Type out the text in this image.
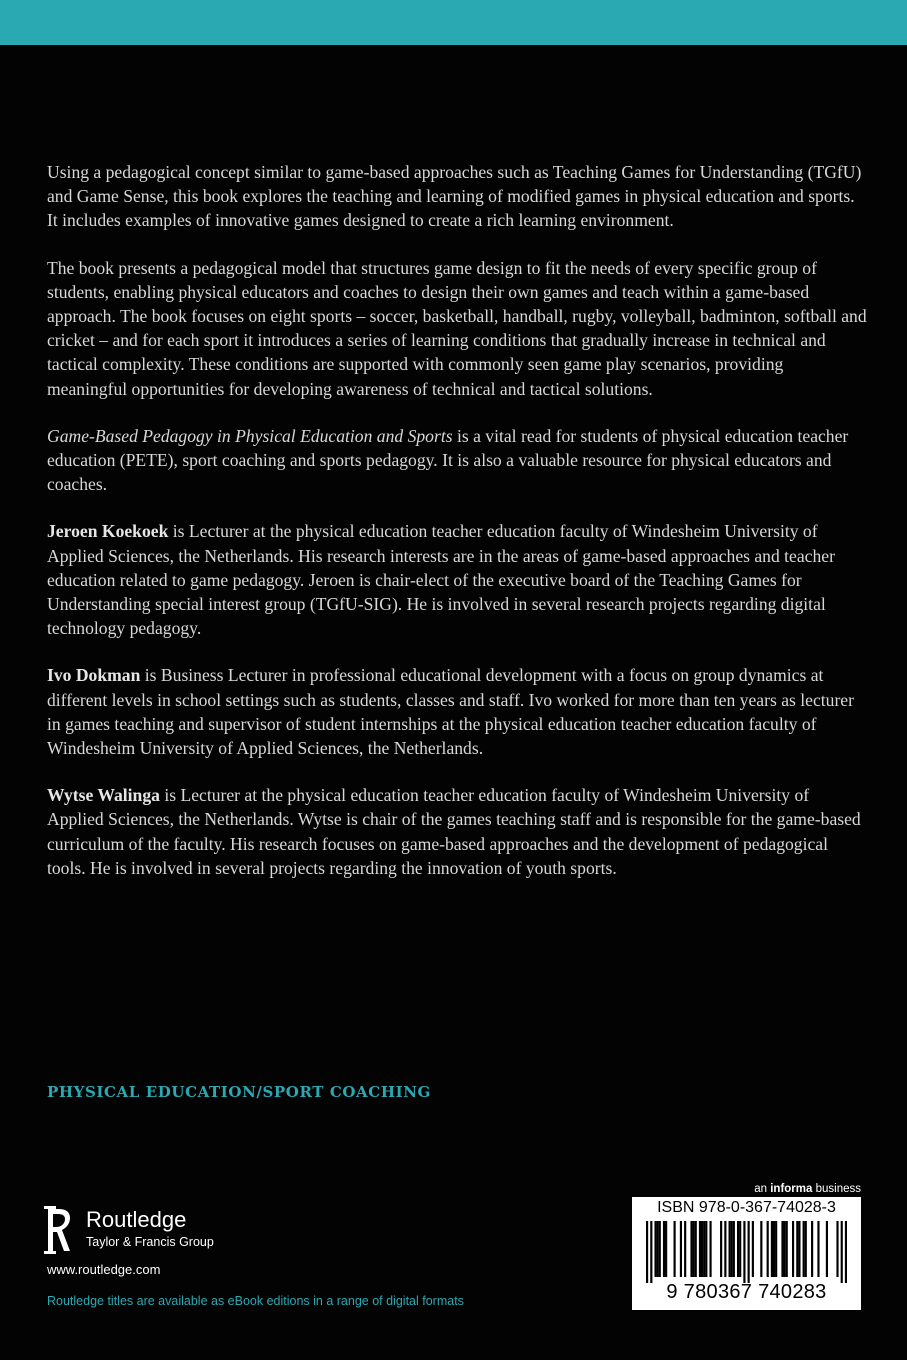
Using a pedagogical concept similar to game-based approaches such as Teaching Games for Understanding (TGfU) and Game Sense, this book explores the teaching and learning of modified games in physical education and sports. It includes examples of innovative games designed to create a rich learning environment.

The book presents a pedagogical model that structures game design to fit the needs of every specific group of students, enabling physical educators and coaches to design their own games and teach within a game-based approach. The book focuses on eight sports – soccer, basketball, handball, rugby, volleyball, badminton, softball and cricket – and for each sport it introduces a series of learning conditions that gradually increase in technical and tactical complexity. These conditions are supported with commonly seen game play scenarios, providing meaningful opportunities for developing awareness of technical and tactical solutions.

Game-Based Pedagogy in Physical Education and Sports is a vital read for students of physical education teacher education (PETE), sport coaching and sports pedagogy. It is also a valuable resource for physical educators and coaches.

Jeroen Koekoek is Lecturer at the physical education teacher education faculty of Windesheim University of Applied Sciences, the Netherlands. His research interests are in the areas of game-based approaches and teacher education related to game pedagogy. Jeroen is chair-elect of the executive board of the Teaching Games for Understanding special interest group (TGfU-SIG). He is involved in several research projects regarding digital technology pedagogy.

Ivo Dokman is Business Lecturer in professional educational development with a focus on group dynamics at different levels in school settings such as students, classes and staff. Ivo worked for more than ten years as lecturer in games teaching and supervisor of student internships at the physical education teacher education faculty of Windesheim University of Applied Sciences, the Netherlands.

Wytse Walinga is Lecturer at the physical education teacher education faculty of Windesheim University of Applied Sciences, the Netherlands. Wytse is chair of the games teaching staff and is responsible for the game-based curriculum of the faculty. His research focuses on game-based approaches and the development of pedagogical tools. He is involved in several projects regarding the innovation of youth sports.

PHYSICAL EDUCATION/SPORT COACHING
Routledge
Taylor & Francis Group
www.routledge.com
Routledge titles are available as eBook editions in a range of digital formats
an informa business
ISBN 978-0-367-74028-3
9 780367 740283
